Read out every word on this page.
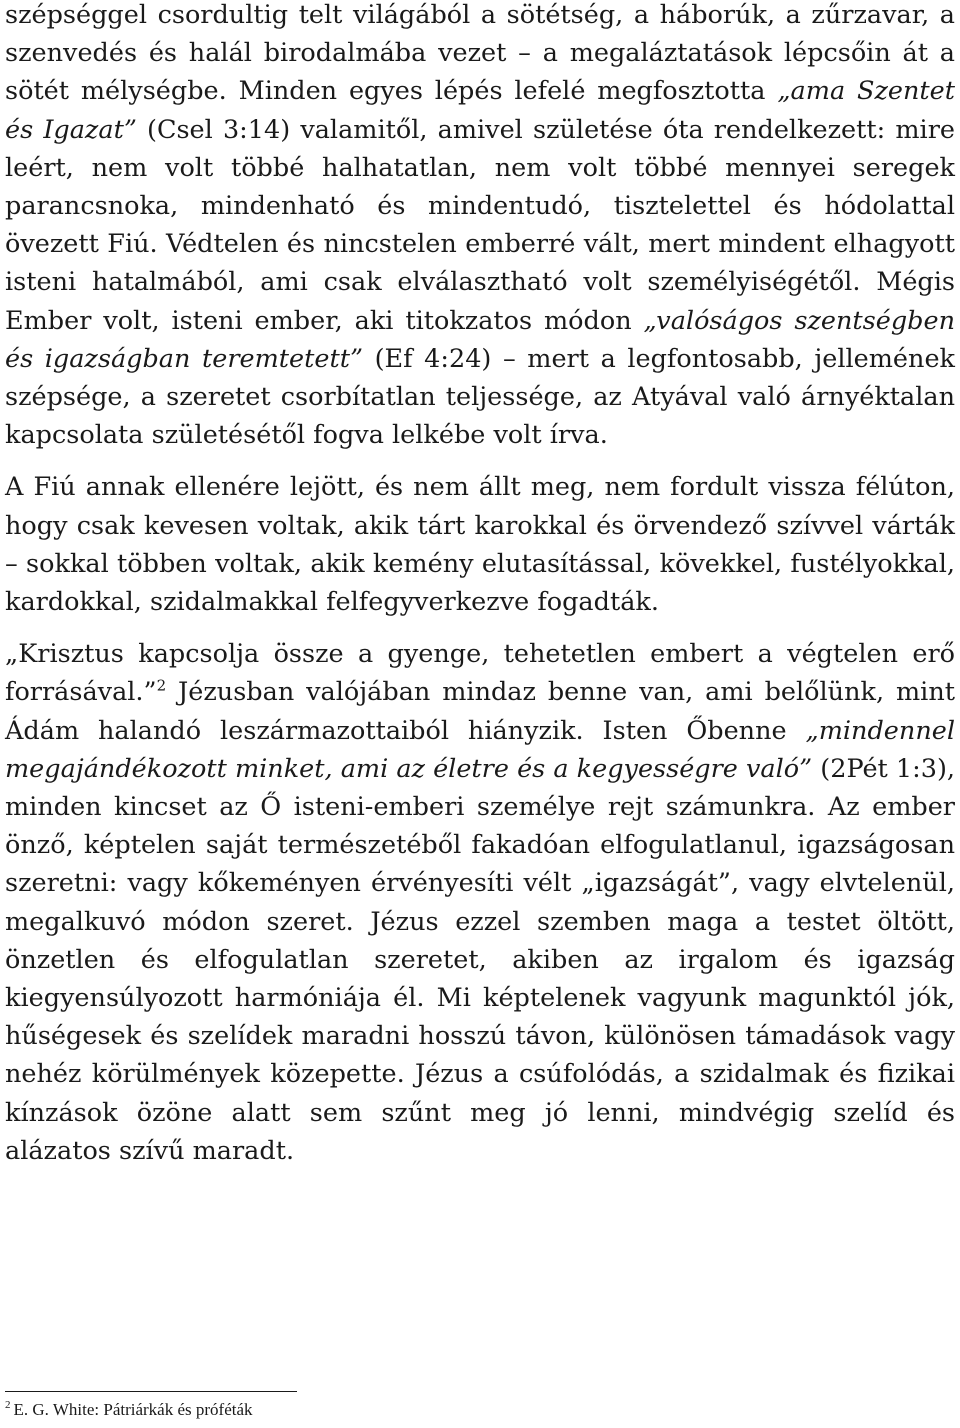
szépséggel csordultig telt világából a sötétség, a háborúk, a zűrzavar, a szenvedés és halál birodalmába vezet – a megaláztatások lépcsőin át a sötét mélységbe. Minden egyes lépés lefelé megfosztotta „ama Szentet és Igazat” (Csel 3:14) valamitől, amivel születése óta rendelkezett: mire leért, nem volt többé halhatatlan, nem volt többé mennyei seregek parancsnoka, mindenható és mindentudó, tisztelettel és hódolattal övezett Fiú. Védtelen és nincstelen emberré vált, mert mindent elhagyott isteni hatalmából, ami csak elválasztható volt személyiségétől. Mégis Ember volt, isteni ember, aki titokzatos módon „valóságos szentségben és igazságban teremtetett” (Ef 4:24) – mert a legfontosabb, jellemének szépsége, a szeretet csorbítatlan teljessége, az Atyával való árnyéktalan kapcsolata születésétől fogva lelkébe volt írva.

A Fiú annak ellenére lejött, és nem állt meg, nem fordult vissza félúton, hogy csak kevesen voltak, akik tárt karokkal és örvendező szívvel várták – sokkal többen voltak, akik kemény elutasítással, kövekkel, fustélyokkal, kardokkal, szidalmakkal felfegyverkezve fogadták.

„Krisztus kapcsolja össze a gyenge, tehetetlen embert a végtelen erő forrásával.”$^2$ Jézusban valójában mindaz benne van, ami belőlünk, mint Ádám halandó leszármazottaiból hiányzik. Isten Őbenne „mindennel megajándékozott minket, ami az életre és a kegyességre való” (2Pét 1:3), minden kincset az Ő isteni-emberi személye rejt számunkra. Az ember önző, képtelen saját természetéből fakadóan elfogulatlanul, igazságosan szeretni: vagy kőkeményen érvényesíti vélt „igazságát”, vagy elvtelenül, megalkuvó módon szeret. Jézus ezzel szemben maga a testet öltött, önzetlen és elfogulatlan szeretet, akiben az irgalom és igazság kiegyensúlyozott harmóniája él. Mi képtelenek vagyunk magunktól jók, hűségesek és szelídek maradni hosszú távon, különösen támadások vagy nehéz körülmények közepette. Jézus a csúfolódás, a szidalmak és fizikai kínzások özöne alatt sem szűnt meg jó lenni, mindvégig szelíd és alázatos szívű maradt.

$^2$ E. G. White: Pátriárkák és próféták
